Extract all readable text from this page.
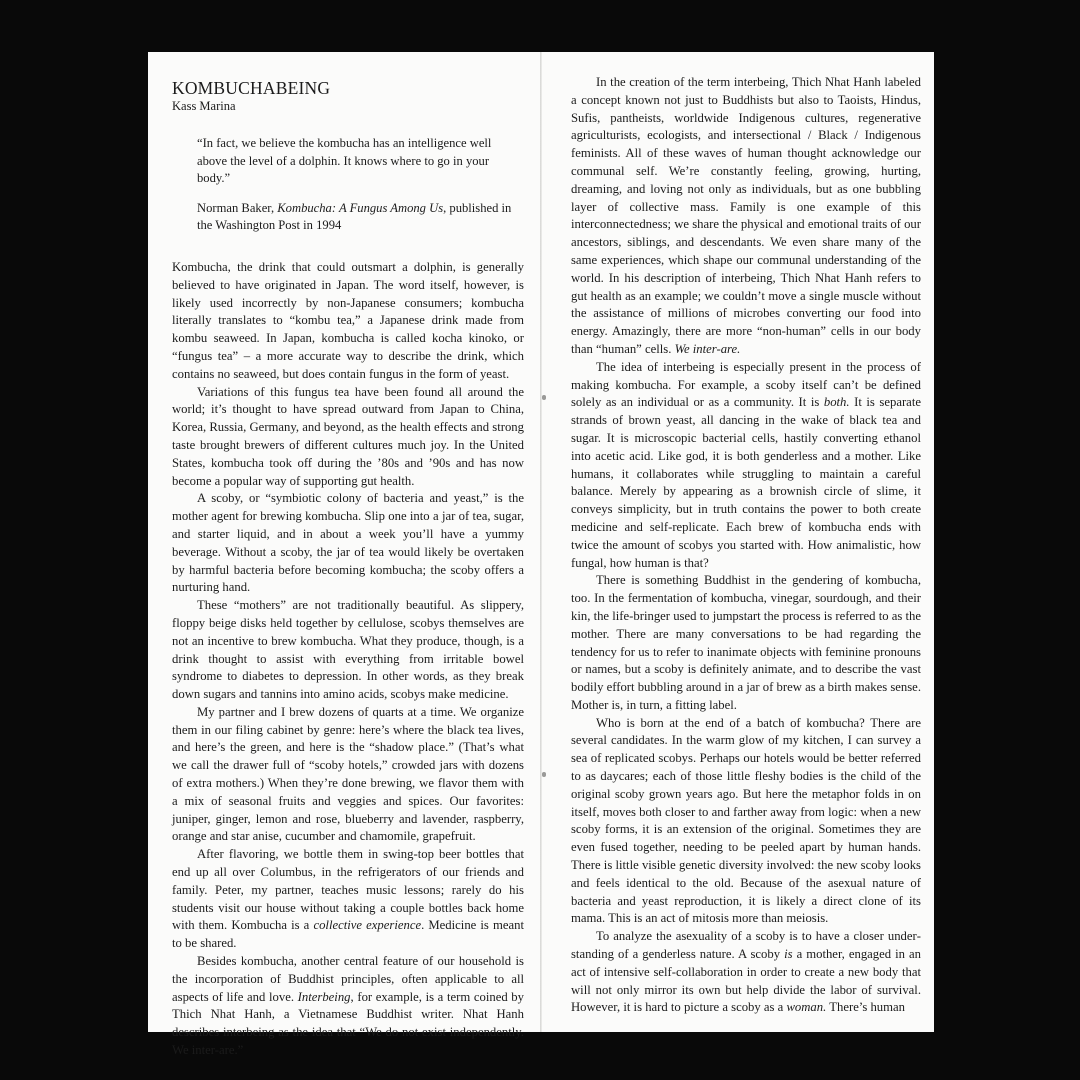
KOMBUCHABEING

Kass Marina

“In fact, we believe the kombucha has an intelligence well above the level of a dolphin. It knows where to go in your body.”

Norman Baker, Kombucha: A Fungus Among Us, published in the Washington Post in 1994

Kombucha, the drink that could outsmart a dolphin, is generally believed to have originated in Japan. The word itself, however, is likely used incorrectly by non-Japanese consumers; kombucha literally translates to “kombu tea,” a Japanese drink made from kombu seaweed. In Japan, kombucha is called kocha kinoko, or “fungus tea” – a more accurate way to describe the drink, which contains no seaweed, but does contain fungus in the form of yeast.

Variations of this fungus tea have been found all around the world; it’s thought to have spread outward from Japan to China, Korea, Russia, Germany, and beyond, as the health effects and strong taste brought brewers of different cultures much joy. In the United States, kombucha took off during the ’80s and ’90s and has now become a popular way of supporting gut health.

A scoby, or “symbiotic colony of bacteria and yeast,” is the mother agent for brewing kombucha. Slip one into a jar of tea, sugar, and starter liquid, and in about a week you’ll have a yummy beverage. Without a scoby, the jar of tea would likely be overtaken by harmful bacteria before becoming kombucha; the scoby offers a nurturing hand.

These “mothers” are not traditionally beautiful. As slippery, floppy beige disks held together by cellulose, scobys themselves are not an incentive to brew kombucha. What they produce, though, is a drink thought to assist with everything from irritable bowel syndrome to diabetes to depression. In other words, as they break down sugars and tannins into amino acids, scobys make medicine.

My partner and I brew dozens of quarts at a time. We organize them in our filing cabinet by genre: here’s where the black tea lives, and here’s the green, and here is the “shadow place.” (That’s what we call the drawer full of “scoby hotels,” crowded jars with dozens of extra mothers.) When they’re done brewing, we flavor them with a mix of seasonal fruits and veggies and spices. Our favorites: juniper, ginger, lemon and rose, blueberry and lavender, raspberry, orange and star anise, cucumber and chamomile, grapefruit.

After flavoring, we bottle them in swing-top beer bottles that end up all over Columbus, in the refrigerators of our friends and family. Peter, my partner, teaches music lessons; rarely do his students visit our house without taking a couple bottles back home with them. Kombucha is a collective experience. Medicine is meant to be shared.

Besides kombucha, another central feature of our household is the incorporation of Buddhist principles, often applicable to all aspects of life and love. Interbeing, for example, is a term coined by Thich Nhat Hanh, a Vietnamese Buddhist writer. Nhat Hanh describes interbeing as the idea that “We do not exist independently. We inter-are.”

In the creation of the term interbeing, Thich Nhat Hanh labeled a concept known not just to Buddhists but also to Taoists, Hindus, Sufis, pantheists, worldwide Indigenous cultures, regenerative agriculturists, ecologists, and intersectional / Black / Indigenous feminists. All of these waves of human thought acknowledge our communal self. We’re constantly feeling, growing, hurting, dreaming, and loving not only as individuals, but as one bubbling layer of collective mass. Family is one example of this interconnectedness; we share the physical and emotional traits of our ancestors, siblings, and descendants. We even share many of the same experiences, which shape our communal understanding of the world. In his description of interbeing, Thich Nhat Hanh refers to gut health as an example; we couldn’t move a single muscle without the assistance of millions of microbes converting our food into energy. Amazingly, there are more “non-human” cells in our body than “human” cells. We inter-are.

The idea of interbeing is especially present in the process of making kombucha. For example, a scoby itself can’t be defined solely as an individual or as a community. It is both. It is separate strands of brown yeast, all dancing in the wake of black tea and sugar. It is microscopic bacterial cells, hastily converting ethanol into acetic acid. Like god, it is both genderless and a mother. Like humans, it collaborates while struggling to maintain a careful balance. Merely by appearing as a brownish circle of slime, it conveys simplicity, but in truth contains the power to both create medicine and self-replicate. Each brew of kombucha ends with twice the amount of scobys you started with. How animalistic, how fungal, how human is that?

There is something Buddhist in the gendering of kombucha, too. In the fermentation of kombucha, vinegar, sourdough, and their kin, the life-bringer used to jumpstart the process is referred to as the mother. There are many conversations to be had regarding the tendency for us to refer to inanimate objects with feminine pronouns or names, but a scoby is definitely animate, and to describe the vast bodily effort bubbling around in a jar of brew as a birth makes sense. Mother is, in turn, a fitting label.

Who is born at the end of a batch of kombucha? There are several candidates. In the warm glow of my kitchen, I can survey a sea of replicated scobys. Perhaps our hotels would be better referred to as daycares; each of those little fleshy bodies is the child of the original scoby grown years ago. But here the metaphor folds in on itself, moves both closer to and farther away from logic: when a new scoby forms, it is an extension of the original. Sometimes they are even fused together, needing to be peeled apart by human hands. There is little visible genetic diversity involved: the new scoby looks and feels identical to the old. Because of the asexual nature of bacteria and yeast reproduction, it is likely a direct clone of its mama. This is an act of mitosis more than meiosis.

To analyze the asexuality of a scoby is to have a closer understanding of a genderless nature. A scoby is a mother, engaged in an act of intensive self-collaboration in order to create a new body that will not only mirror its own but help divide the labor of survival. However, it is hard to picture a scoby as a woman. There’s human
